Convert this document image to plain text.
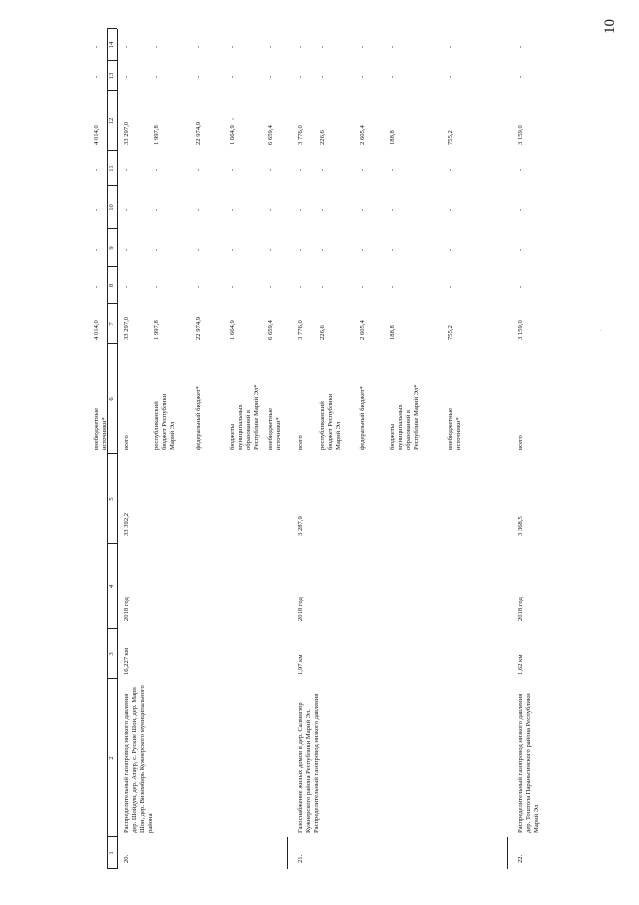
10
1
2
3
4
5
6
7
8
9
10
11
12
13
14
20.
Распределительный газопровод низкого давления дер. Шойдум, дер. Атаур, с. Руские Шои, дер. Мари Шои, дер. Визимбирь Кужнерского муниципального района
16,227 км
2018 год
33 392,2
21.
Газоснабжение жилых домов в дер. Салмигюр Кужнерского района Республики Марий Эл. Распределительный газопровод низкого давления
1,97 км
2018 год
3 287,9
22.
Распределительный газопровод низкого давления дер. Тоштола Параньгинского района Республики Марий Эл
1,62 км
2018 год
3 368,5
внебюджетные источники*
4 014,0
-
-
-
-
4 014,0
-
-
всего
33 297,0
-
-
-
-
33 297,0
-
-
республиканский бюджет Республики Марий Эл
1 997,8
-
-
-
-
1 997,8
-
-
федеральный бюджет*
22 974,9
-
-
-
-
22 974,9
-
-
бюджеты муниципальных образований в Республике Марий Эл*
1 664,9
-
-
-
-
1 664,9
-
-
внебюджетные источники*
6 659,4
-
-
-
-
6 659,4
-
-
всего
3 776,0
-
-
-
-
3 776,0
-
-
республиканский бюджет Республики Марий Эл
226,6
-
-
-
-
226,6
-
-
федеральный бюджет*
2 605,4
-
-
-
-
2 605,4
-
-
бюджеты муниципальных образований в Республике Марий Эл*
188,8
-
-
-
-
188,8
-
-
внебюджетные источники*
755,2
-
-
-
-
755,2
-
-
всего
3 159,0
-
-
-
-
3 159,0
-
-
